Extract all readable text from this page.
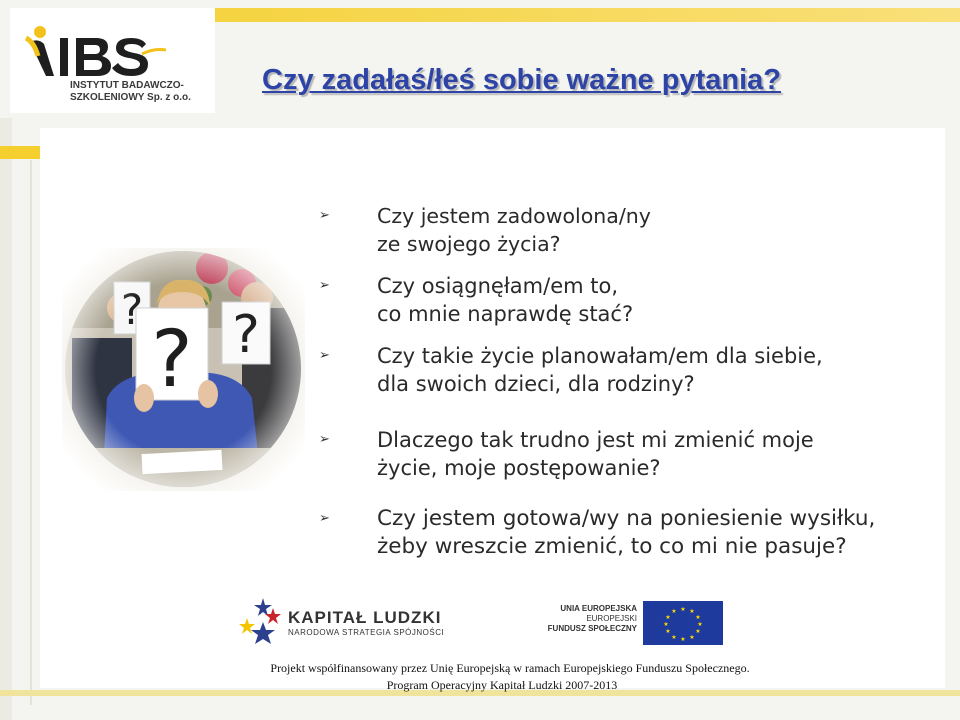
INSTYTUT BADAWCZO-
SZKOLENIOWY Sp. z o.o.
Czy zadałaś/łeś sobie ważne pytania?
➢ Czy jestem zadowolona/ny
ze swojego życia?
➢ Czy osiągnęłam/em to,
co mnie naprawdę stać?
➢ Czy takie życie planowałam/em dla siebie,
dla swoich dzieci, dla rodziny?
➢ Dlaczego tak trudno jest mi zmienić moje
życie, moje postępowanie?
➢ Czy jestem gotowa/wy na poniesienie wysiłku,
żeby wreszcie zmienić, to co mi nie pasuje?
KAPITAŁ LUDZKI
NARODOWA STRATEGIA SPÓJNOŚCI
UNIA EUROPEJSKA
EUROPEJSKI
FUNDUSZ SPOŁECZNY
★ ★
★
★
★
★
★
★
★
★
★
★
Projekt współfinansowany przez Unię Europejską w ramach Europejskiego Funduszu Społecznego.
Program Operacyjny Kapitał Ludzki 2007-2013
